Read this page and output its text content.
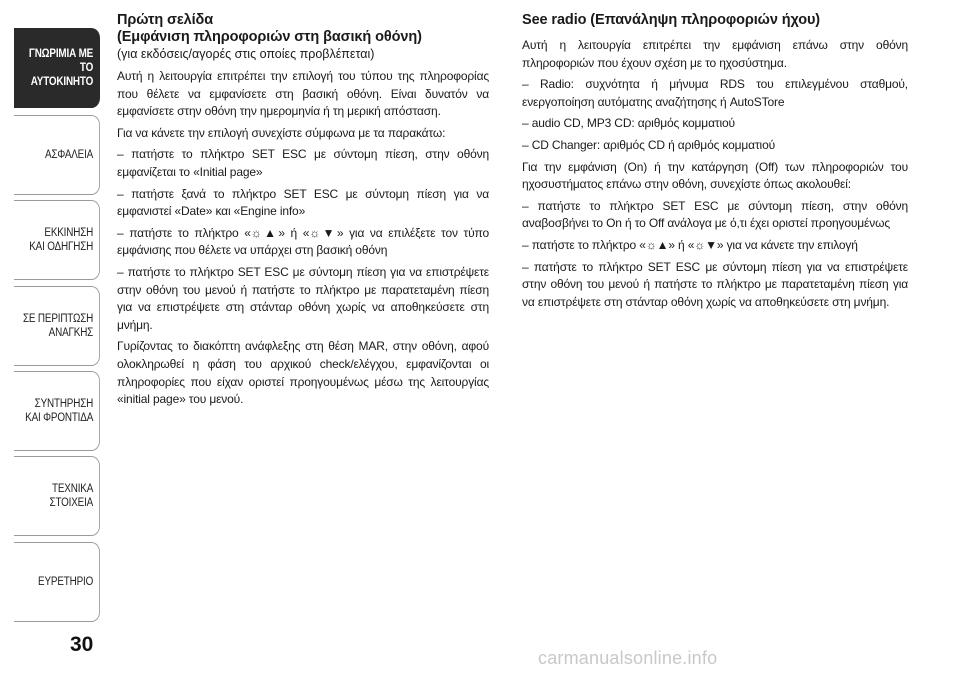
ΓΝΩΡΙΜΙΑ ΜΕ ΤΟ
ΑΥΤΟΚΙΝΗΤΟ
ΑΣΦΑΛΕΙΑ
ΕΚΚΙΝΗΣΗ
ΚΑΙ ΟΔΗΓΗΣΗ
ΣΕ ΠΕΡΙΠΤΩΣΗ
ΑΝΑΓΚΗΣ
ΣΥΝΤΗΡΗΣΗ
ΚΑΙ ΦΡΟΝΤΙΔΑ
ΤΕΧΝΙΚΑ
ΣΤΟΙΧΕΙΑ
ΕΥΡΕΤΗΡΙΟ
30

Πρώτη σελίδα

(Εμφάνιση πληροφοριών στη βασική οθόνη)

(για εκδόσεις/αγορές στις οποίες προβλέπεται)

Αυτή η λειτουργία επιτρέπει την επιλογή του τύπου της πληροφορίας που θέλετε να εμφανίσετε στη βασική οθόνη. Είναι δυνατόν να εμφανίσετε στην οθόνη την ημερομηνία ή τη μερική απόσταση.

Για να κάνετε την επιλογή συνεχίστε σύμφωνα με τα παρακάτω:

– πατήστε το πλήκτρο SET ESC με σύντομη πίεση, στην οθόνη εμφανίζεται το «Initial page»

– πατήστε ξανά το πλήκτρο SET ESC με σύντομη πίεση για να εμφανιστεί «Date» και «Engine info»

– πατήστε το πλήκτρο «☼▲» ή «☼▼» για να επιλέξετε τον τύπο εμφάνισης που θέλετε να υπάρχει στη βασική οθόνη

– πατήστε το πλήκτρο SET ESC με σύντομη πίεση για να επιστρέψετε στην οθόνη του μενού ή πατήστε το πλήκτρο με παρατεταμένη πίεση για να επιστρέψετε στη στάνταρ οθόνη χωρίς να αποθηκεύσετε στη μνήμη.

Γυρίζοντας το διακόπτη ανάφλεξης στη θέση MAR, στην οθόνη, αφού ολοκληρωθεί η φάση του αρχικού check/ελέγχου, εμφανίζονται οι πληροφορίες που είχαν οριστεί προηγουμένως μέσω της λειτουργίας «initial page» του μενού.

See radio (Επανάληψη πληροφοριών ήχου)

Αυτή η λειτουργία επιτρέπει την εμφάνιση επάνω στην οθόνη πληροφοριών που έχουν σχέση με το ηχοσύστημα.

– Radio: συχνότητα ή μήνυμα RDS του επιλεγμένου σταθμού, ενεργοποίηση αυτόματης αναζήτησης ή AutoSTore

– audio CD, MP3 CD: αριθμός κομματιού

– CD Changer: αριθμός CD ή αριθμός κομματιού

Για την εμφάνιση (On) ή την κατάργηση (Off) των πληροφοριών του ηχοσυστήματος επάνω στην οθόνη, συνεχίστε όπως ακολουθεί:

– πατήστε το πλήκτρο SET ESC με σύντομη πίεση, στην οθόνη αναβοσβήνει το On ή το Off ανάλογα με ό,τι έχει οριστεί προηγουμένως

– πατήστε το πλήκτρο «☼▲» ή «☼▼» για να κάνετε την επιλογή

– πατήστε το πλήκτρο SET ESC με σύντομη πίεση για να επιστρέψετε στην οθόνη του μενού ή πατήστε το πλήκτρο με παρατεταμένη πίεση για να επιστρέψετε στη στάνταρ οθόνη χωρίς να αποθηκεύσετε στη μνήμη.

carmanualsonline.info
